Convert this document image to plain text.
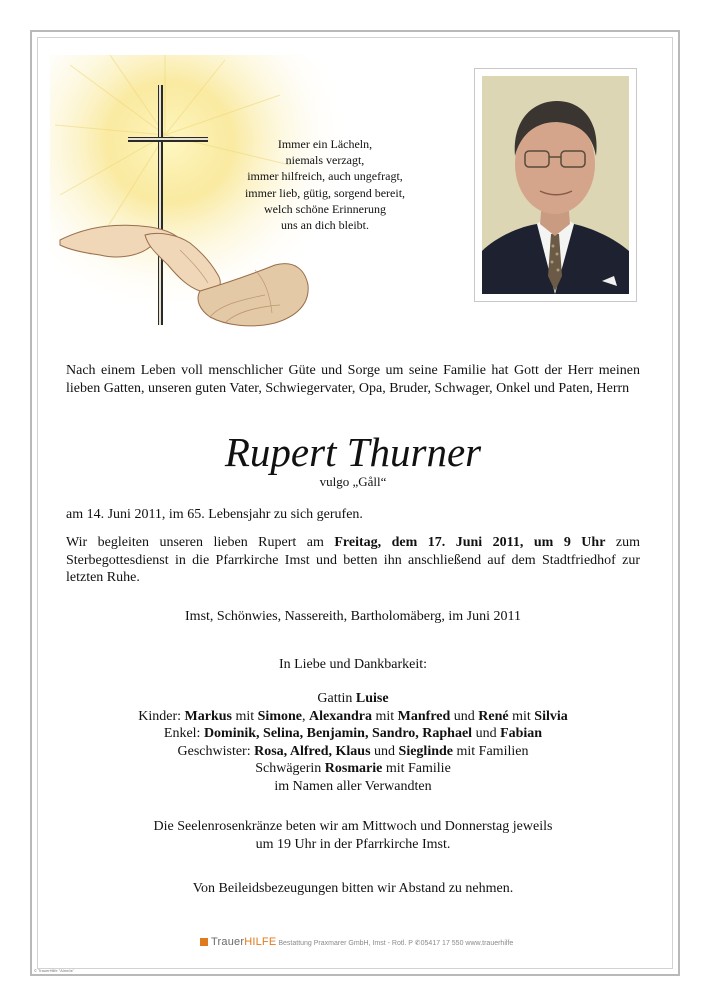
Immer ein Lächeln,
niemals verzagt,
immer hilfreich, auch ungefragt,
immer lieb, gütig, sorgend bereit,
welch schöne Erinnerung
uns an dich bleibt.
Nach einem Leben voll menschlicher Güte und Sorge um seine Familie hat Gott der Herr meinen lieben Gatten, unseren guten Vater, Schwiegervater, Opa, Bruder, Schwager, Onkel und Paten, Herrn
Rupert Thurner
vulgo „Gåll“
am 14. Juni 2011, im 65. Lebensjahr zu sich gerufen.
Wir begleiten unseren lieben Rupert am Freitag, dem 17. Juni 2011, um 9 Uhr zum Sterbegottesdienst in die Pfarrkirche Imst und betten ihn anschließend auf dem Stadtfriedhof zur letzten Ruhe.
Imst, Schönwies, Nassereith, Bartholomäberg, im Juni 2011
In Liebe und Dankbarkeit:
Gattin Luise
Kinder: Markus mit Simone, Alexandra mit Manfred und René mit Silvia
Enkel: Dominik, Selina, Benjamin, Sandro, Raphael und Fabian
Geschwister: Rosa, Alfred, Klaus und Sieglinde mit Familien
Schwägerin Rosmarie mit Familie
im Namen aller Verwandten
Die Seelenrosenkränze beten wir am Mittwoch und Donnerstag jeweils
um 19 Uhr in der Pfarrkirche Imst.
Von Beileidsbezeugungen bitten wir Abstand zu nehmen.
TrauerHILFE Bestattung Praxmarer GmbH, Imst - Rotl. P ✆05417 17 550 www.trauerhilfe
© TrauerHilfe "Almrös"
